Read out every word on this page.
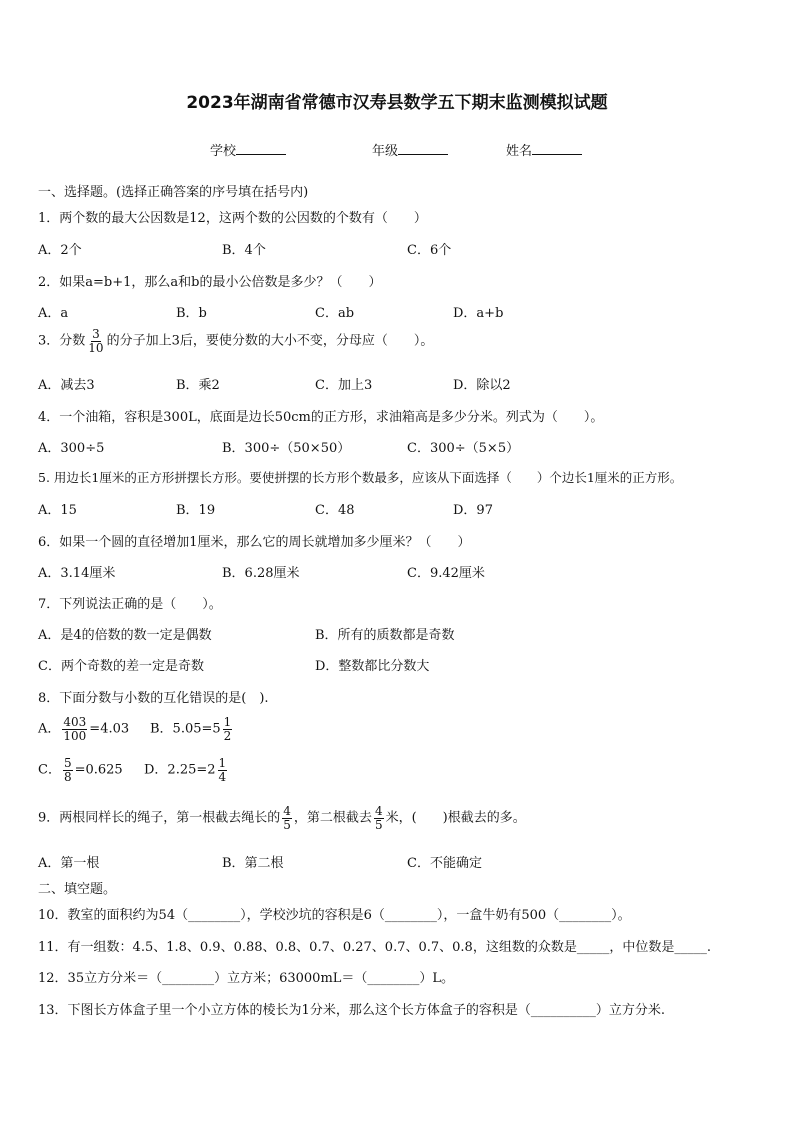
2023年湖南省常德市汉寿县数学五下期末监测模拟试题
学校	年级	姓名
一、选择题。(选择正确答案的序号填在括号内)
1．两个数的最大公因数是12，这两个数的公因数的个数有（　　）
A．2个	B．4个	C．6个
2．如果a=b+1，那么a和b的最小公倍数是多少？（　　）
A．a	B．b	C．ab	D．a+b
3．分数 $\frac{3}{10}$ 的分子加上3后，要使分数的大小不变，分母应（　　）。
A．减去3	B．乘2	C．加上3	D．除以2
4．一个油箱，容积是300L，底面是边长50cm的正方形，求油箱高是多少分米。列式为（　　）。
A．300÷5	B．300÷（50×50）	C．300÷（5×5）
5. 用边长1厘米的正方形拼摆长方形。要使拼摆的长方形个数最多，应该从下面选择（　　）个边长1厘米的正方形。
A．15	B．19	C．48	D．97
6．如果一个圆的直径增加1厘米，那么它的周长就增加多少厘米？（　　）
A．3.14厘米	B．6.28厘米	C．9.42厘米
7．下列说法正确的是（　　）。
A．是4的倍数的数一定是偶数	B．所有的质数都是奇数
C．两个奇数的差一定是奇数	D．整数都比分数大
8．下面分数与小数的互化错误的是(　).
A． $\frac{403}{100} =4.03$ B．$5.05=5 \frac{1}{2}$
C． $\frac{5}{8} =0.625$ D．$2.25=2 \frac{1}{4}$
9．两根同样长的绳子，第一根截去绳长的 $\frac{4}{5}$ ，第二根截去 $\frac{4}{5}$ 米，(　　)根截去的多。
A．第一根	B．第二根	C．不能确定
二、填空题。
10．教室的面积约为54（________），学校沙坑的容积是6（________），一盒牛奶有500（________）。
11．有一组数：4.5、1.8、0.9、0.88、0.8、0.7、0.27、0.7、0.7、0.8，这组数的众数是_____，中位数是_____.
12．35立方分米＝（________）立方米；63000mL＝（________）L。
13．下图长方体盒子里一个小立方体的棱长为1分米，那么这个长方体盒子的容积是（__________）立方分米.
